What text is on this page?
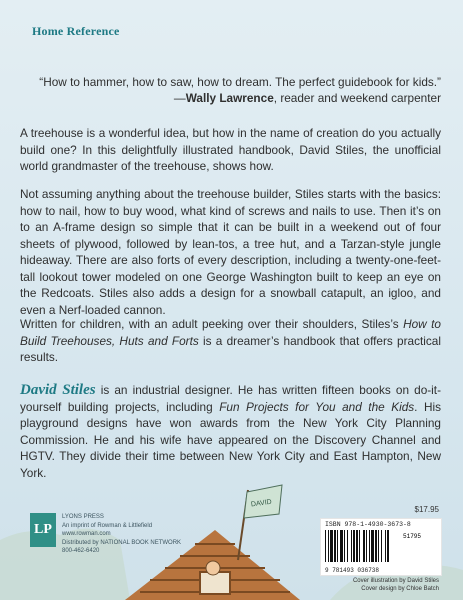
Home Reference
“How to hammer, how to saw, how to dream. The perfect guidebook for kids.”
—Wally Lawrence, reader and weekend carpenter
A treehouse is a wonderful idea, but how in the name of creation do you actually build one? In this delightfully illustrated handbook, David Stiles, the unofficial world grandmaster of the treehouse, shows how.
Not assuming anything about the treehouse builder, Stiles starts with the basics: how to nail, how to buy wood, what kind of screws and nails to use. Then it’s on to an A-frame design so simple that it can be built in a weekend out of four sheets of plywood, followed by lean-tos, a tree hut, and a Tarzan-style jungle hideaway. There are also forts of every description, including a twenty-one-feet-tall lookout tower modeled on one George Washington built to keep an eye on the Redcoats. Stiles also adds a design for a snowball catapult, an igloo, and even a Nerf-loaded cannon.
Written for children, with an adult peeking over their shoulders, Stiles’s How to Build Treehouses, Huts and Forts is a dreamer’s handbook that offers practical results.
David Stiles is an industrial designer. He has written fifteen books on do-it-yourself building projects, including Fun Projects for You and the Kids. His playground designs have won awards from the New York City Planning Commission. He and his wife have appeared on the Discovery Channel and HGTV. They divide their time between New York City and East Hampton, New York.
DAVID
LP
LYONS PRESS
An imprint of Rowman & Littlefield
www.rowman.com
Distributed by NATIONAL BOOK NETWORK
800-462-6420
$17.95
ISBN 978-1-4930-3673-8
51795
9 781493 036738
Cover illustration by David Stiles
Cover design by Chloe Batch
